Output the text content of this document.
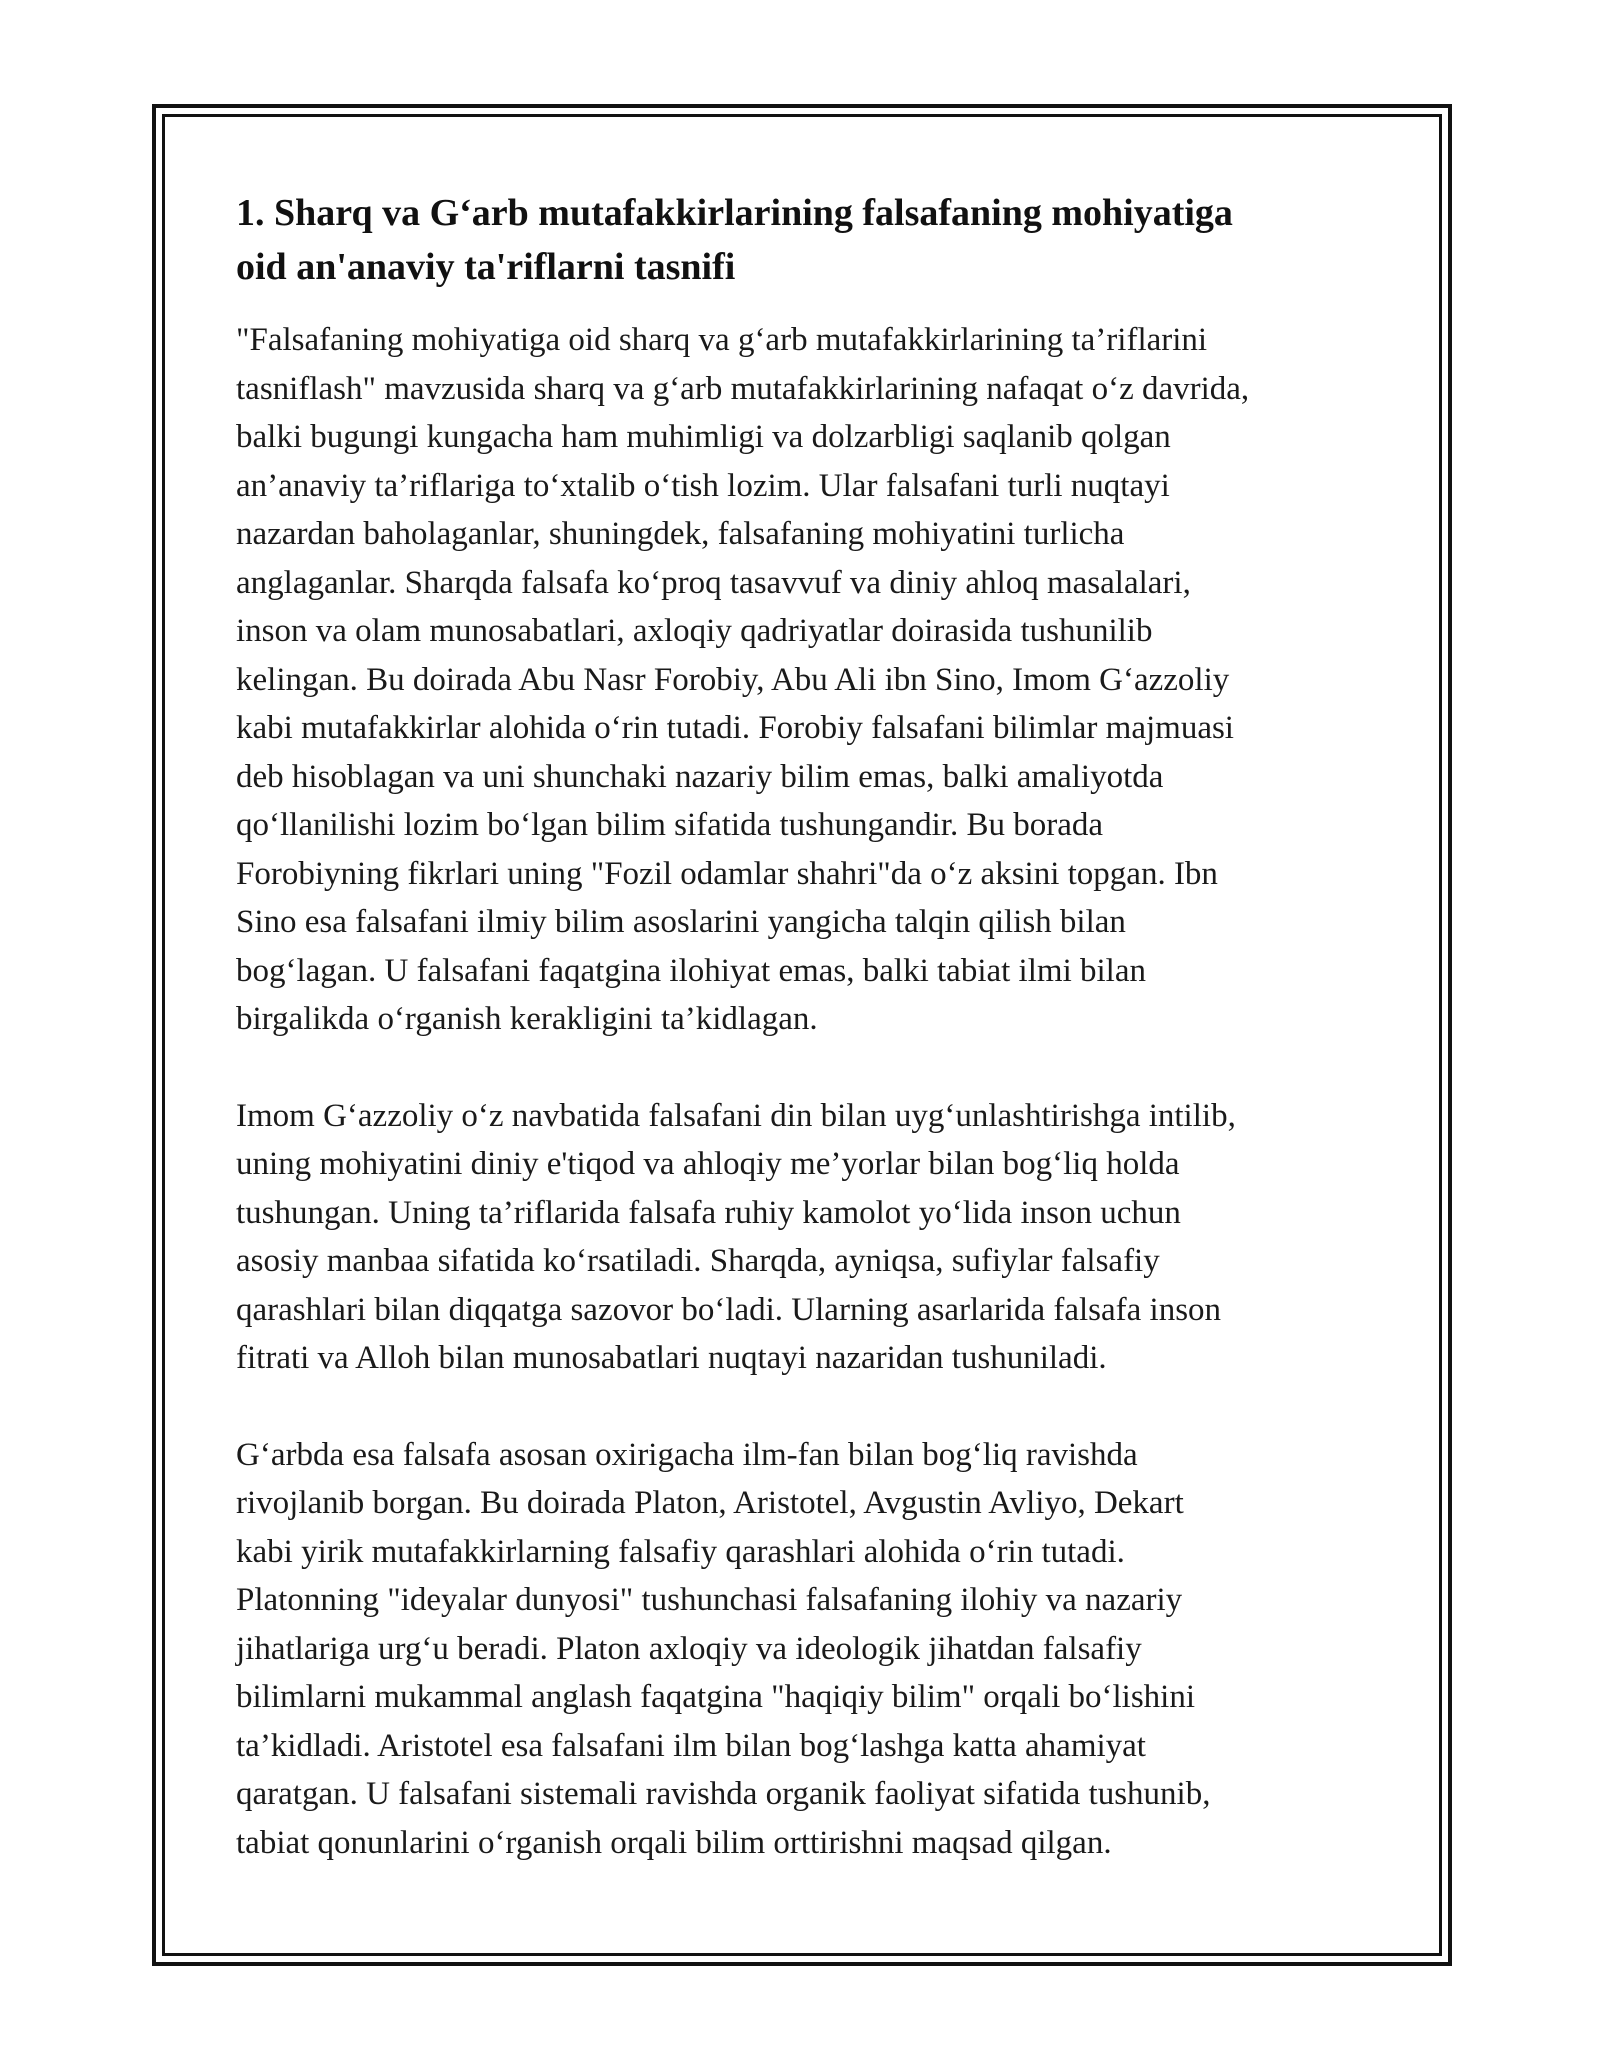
1. Sharq va G‘arb mutafakkirlarining falsafaning mohiyatiga
oid an'anaviy ta'riflarni tasnifi

"Falsafaning mohiyatiga oid sharq va g‘arb mutafakkirlarining ta’riflarini
tasniflash" mavzusida sharq va g‘arb mutafakkirlarining nafaqat o‘z davrida,
balki bugungi kungacha ham muhimligi va dolzarbligi saqlanib qolgan
an’anaviy ta’riflariga to‘xtalib o‘tish lozim. Ular falsafani turli nuqtayi
nazardan baholaganlar, shuningdek, falsafaning mohiyatini turlicha
anglaganlar. Sharqda falsafa ko‘proq tasavvuf va diniy ahloq masalalari,
inson va olam munosabatlari, axloqiy qadriyatlar doirasida tushunilib
kelingan. Bu doirada Abu Nasr Forobiy, Abu Ali ibn Sino, Imom G‘azzoliy
kabi mutafakkirlar alohida o‘rin tutadi. Forobiy falsafani bilimlar majmuasi
deb hisoblagan va uni shunchaki nazariy bilim emas, balki amaliyotda
qo‘llanilishi lozim bo‘lgan bilim sifatida tushungandir. Bu borada
Forobiyning fikrlari uning "Fozil odamlar shahri"da o‘z aksini topgan. Ibn
Sino esa falsafani ilmiy bilim asoslarini yangicha talqin qilish bilan
bog‘lagan. U falsafani faqatgina ilohiyat emas, balki tabiat ilmi bilan
birgalikda o‘rganish kerakligini ta’kidlagan.

Imom G‘azzoliy o‘z navbatida falsafani din bilan uyg‘unlashtirishga intilib,
uning mohiyatini diniy e'tiqod va ahloqiy me’yorlar bilan bog‘liq holda
tushungan. Uning ta’riflarida falsafa ruhiy kamolot yo‘lida inson uchun
asosiy manbaa sifatida ko‘rsatiladi. Sharqda, ayniqsa, sufiylar falsafiy
qarashlari bilan diqqatga sazovor bo‘ladi. Ularning asarlarida falsafa inson
fitrati va Alloh bilan munosabatlari nuqtayi nazaridan tushuniladi.

G‘arbda esa falsafa asosan oxirigacha ilm-fan bilan bog‘liq ravishda
rivojlanib borgan. Bu doirada Platon, Aristotel, Avgustin Avliyo, Dekart
kabi yirik mutafakkirlarning falsafiy qarashlari alohida o‘rin tutadi.
Platonning "ideyalar dunyosi" tushunchasi falsafaning ilohiy va nazariy
jihatlariga urg‘u beradi. Platon axloqiy va ideologik jihatdan falsafiy
bilimlarni mukammal anglash faqatgina "haqiqiy bilim" orqali bo‘lishini
ta’kidladi. Aristotel esa falsafani ilm bilan bog‘lashga katta ahamiyat
qaratgan. U falsafani sistemali ravishda organik faoliyat sifatida tushunib,
tabiat qonunlarini o‘rganish orqali bilim orttirishni maqsad qilgan.
